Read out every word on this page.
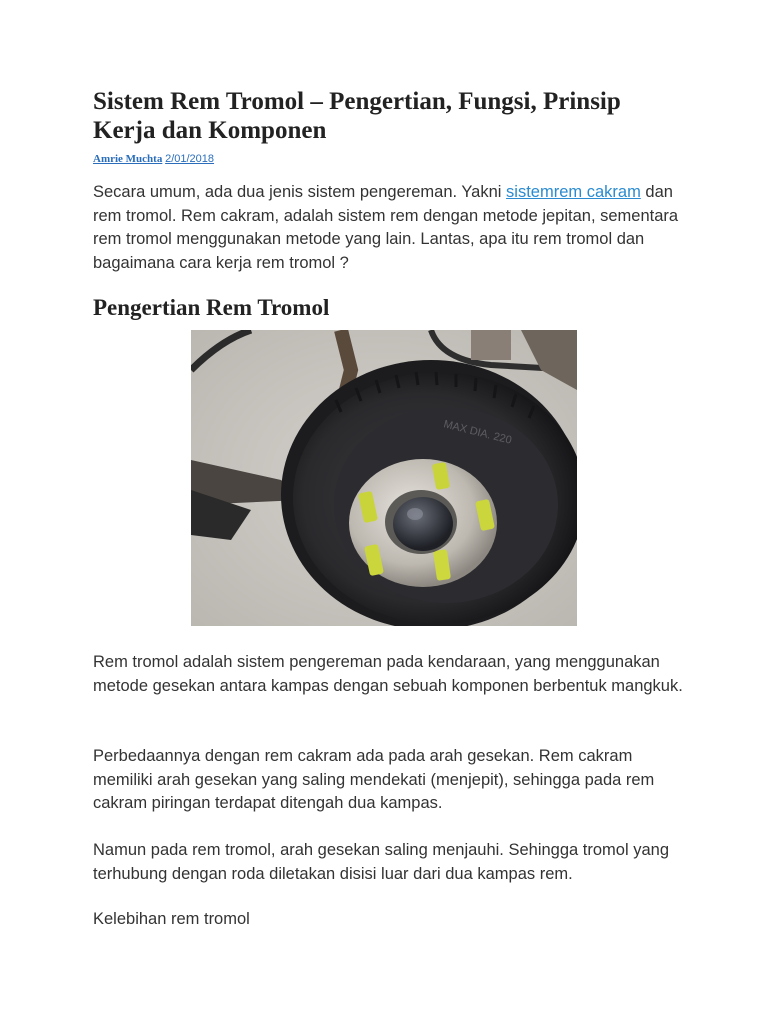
Sistem Rem Tromol – Pengertian, Fungsi, Prinsip Kerja dan Komponen
Amrie Muchta 2/01/2018

Secara umum, ada dua jenis sistem pengereman. Yakni sistemrem cakram dan rem tromol. Rem cakram, adalah sistem rem dengan metode jepitan, sementara rem tromol menggunakan metode yang lain. Lantas, apa itu rem tromol dan bagaimana cara kerja rem tromol ?

Pengertian Rem Tromol
MAX DIA. 220

Rem tromol adalah sistem pengereman pada kendaraan, yang menggunakan metode gesekan antara kampas dengan sebuah komponen berbentuk mangkuk.

Perbedaannya dengan rem cakram ada pada arah gesekan. Rem cakram memiliki arah gesekan yang saling mendekati (menjepit), sehingga pada rem cakram piringan terdapat ditengah dua kampas.

Namun pada rem tromol, arah gesekan saling menjauhi. Sehingga tromol yang terhubung dengan roda diletakan disisi luar dari dua kampas rem.

Kelebihan rem tromol
